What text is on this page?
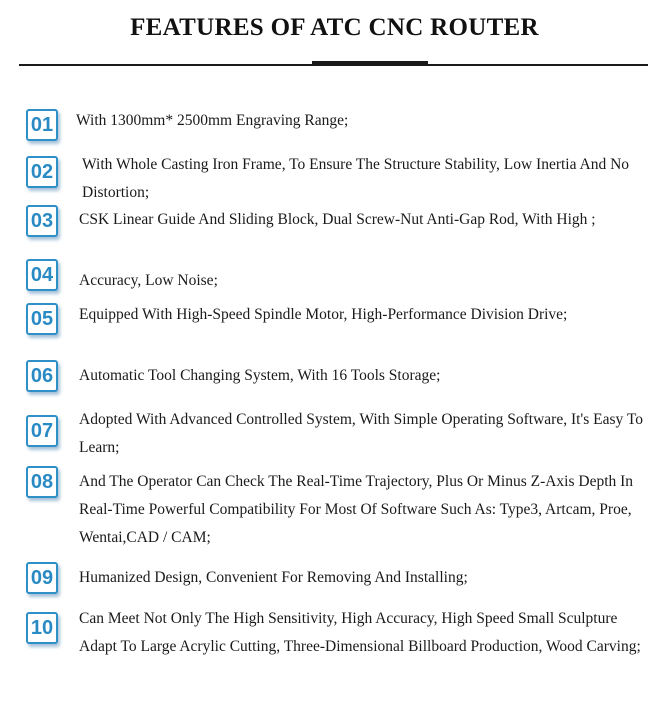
FEATURES OF ATC CNC ROUTER
01	With 1300mm* 2500mm Engraving Range;
02	With Whole Casting Iron Frame, To Ensure The Structure Stability, Low Inertia And No Distortion;
03	CSK Linear Guide And Sliding Block, Dual Screw-Nut Anti-Gap Rod, With High ;
04	Accuracy, Low Noise;
05	Equipped With High-Speed Spindle Motor, High-Performance Division Drive;
06	Automatic Tool Changing System, With 16 Tools Storage;
07
Adopted With Advanced Controlled System, With Simple Operating Software, It's Easy To Learn;
08	And The Operator Can Check The Real-Time Trajectory, Plus Or Minus Z-Axis Depth In Real-Time Powerful Compatibility For Most Of Software Such As: Type3, Artcam, Proe, Wentai,CAD / CAM;
09	Humanized Design, Convenient For Removing And Installing;
10	Can Meet Not Only The High Sensitivity, High Accuracy, High Speed Small Sculpture Adapt To Large Acrylic Cutting, Three-Dimensional Billboard Production, Wood Carving;
